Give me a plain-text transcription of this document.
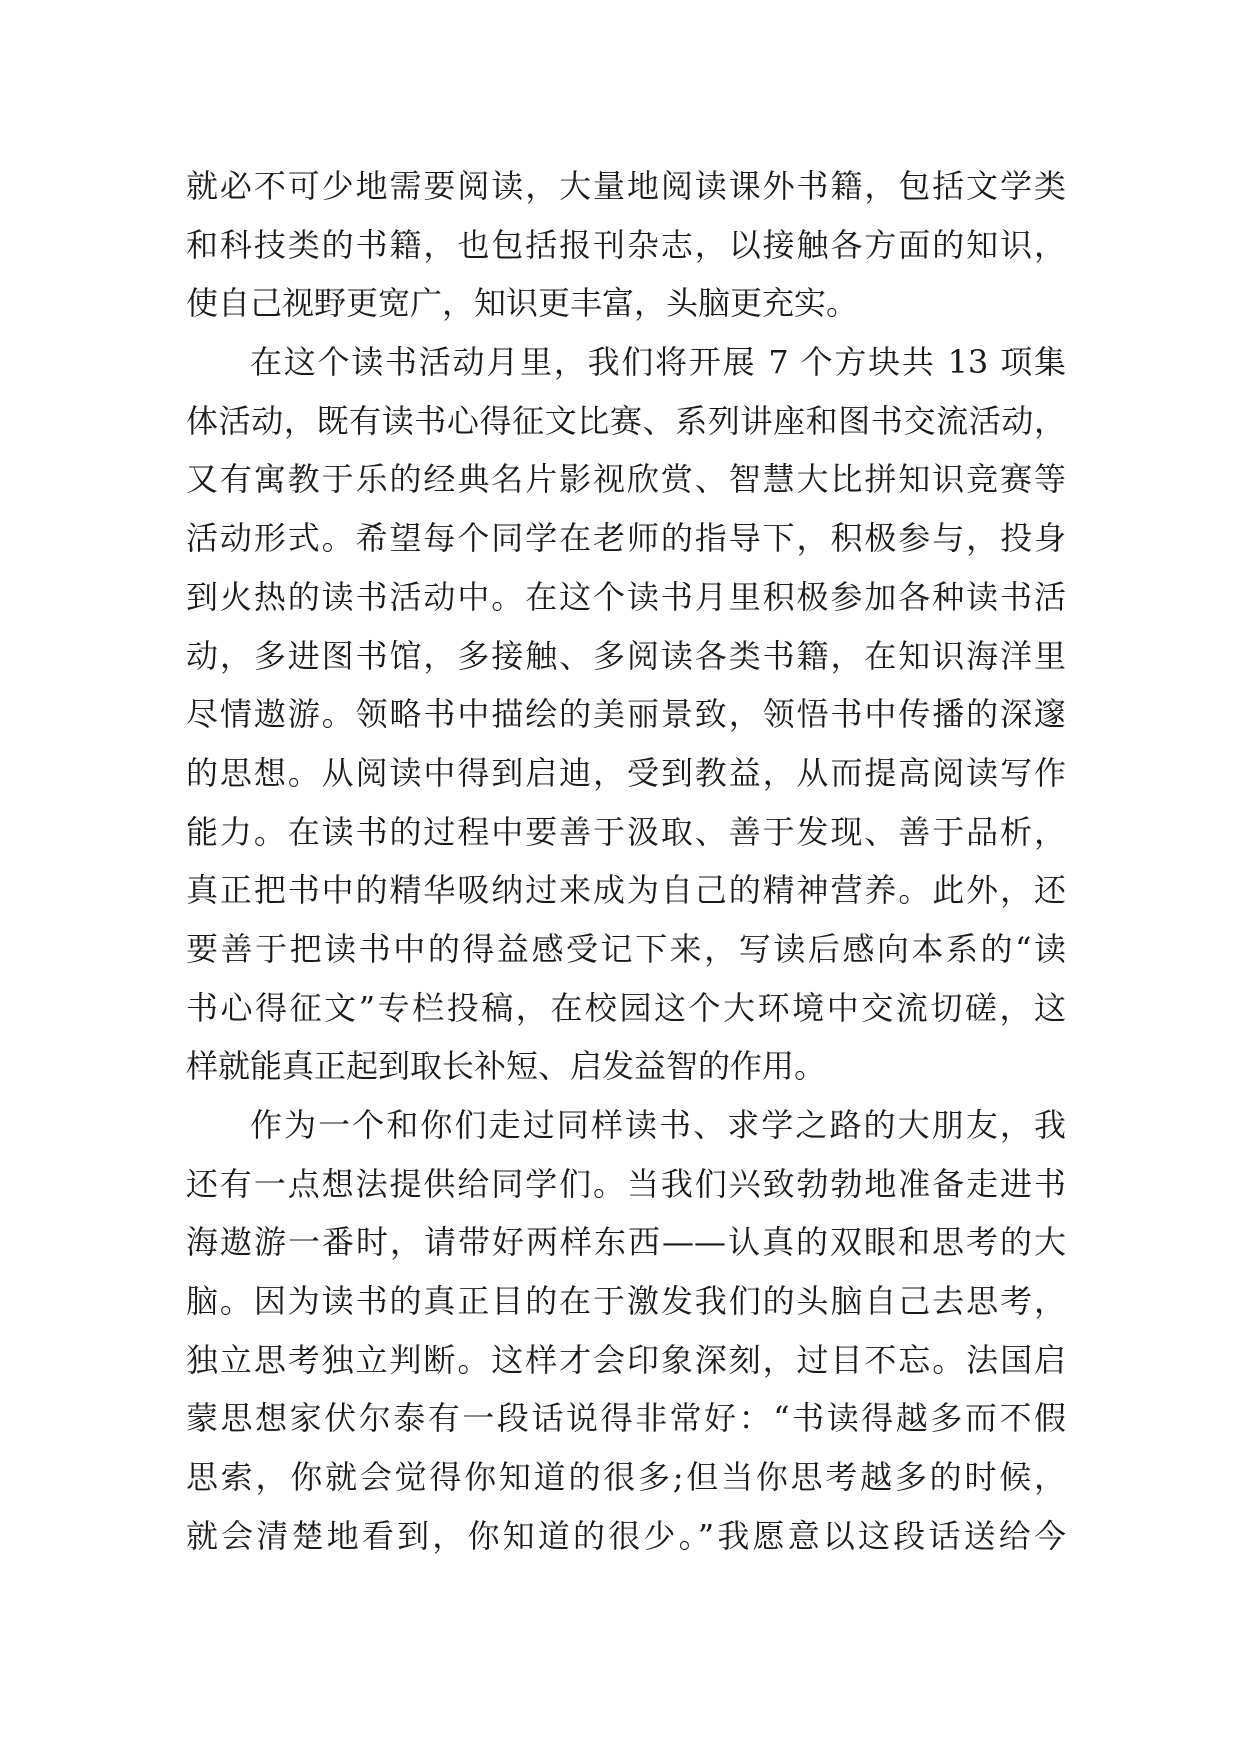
就必不可少地需要阅读，大量地阅读课外书籍，包括文学类
和科技类的书籍，也包括报刊杂志，以接触各方面的知识，
使自己视野更宽广，知识更丰富，头脑更充实。
在这个读书活动月里，我们将开展 7 个方块共 13 项集
体活动，既有读书心得征文比赛、系列讲座和图书交流活动，
又有寓教于乐的经典名片影视欣赏、智慧大比拼知识竞赛等
活动形式。希望每个同学在老师的指导下，积极参与，投身
到火热的读书活动中。在这个读书月里积极参加各种读书活
动，多进图书馆，多接触、多阅读各类书籍，在知识海洋里
尽情遨游。领略书中描绘的美丽景致，领悟书中传播的深邃
的思想。从阅读中得到启迪，受到教益，从而提高阅读写作
能力。在读书的过程中要善于汲取、善于发现、善于品析，
真正把书中的精华吸纳过来成为自己的精神营养。此外，还
要善于把读书中的得益感受记下来，写读后感向本系的“读
书心得征文”专栏投稿，在校园这个大环境中交流切磋，这
样就能真正起到取长补短、启发益智的作用。
作为一个和你们走过同样读书、求学之路的大朋友，我
还有一点想法提供给同学们。当我们兴致勃勃地准备走进书
海遨游一番时，请带好两样东西——认真的双眼和思考的大
脑。因为读书的真正目的在于激发我们的头脑自己去思考，
独立思考独立判断。这样才会印象深刻，过目不忘。法国启
蒙思想家伏尔泰有一段话说得非常好：“书读得越多而不假
思索，你就会觉得你知道的很多;但当你思考越多的时候，
就会清楚地看到，你知道的很少。”我愿意以这段话送给今
